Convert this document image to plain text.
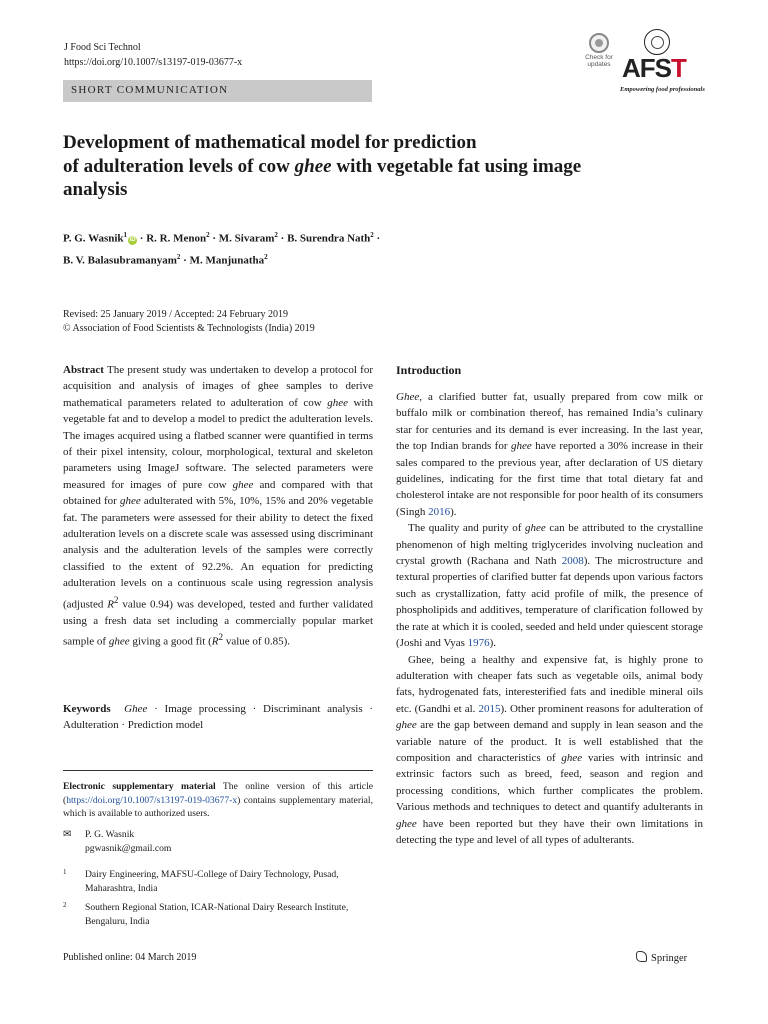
J Food Sci Technol
https://doi.org/10.1007/s13197-019-03677-x
SHORT COMMUNICATION
Check for updates AFST
Empowering food professionals
Development of mathematical model for prediction
of adulteration levels of cow ghee with vegetable fat using image
analysis
P. G. Wasnik$^1$iD · R. R. Menon$^2$ · M. Sivaram$^2$ · B. Surendra Nath$^2$ ·
B. V. Balasubramanyam$^2$ · M. Manjunatha$^2$
Revised: 25 January 2019 / Accepted: 24 February 2019
© Association of Food Scientists & Technologists (India) 2019
Abstract The present study was undertaken to develop a protocol for acquisition and analysis of images of ghee samples to derive mathematical parameters related to adulteration of cow ghee with vegetable fat and to develop a model to predict the adulteration levels. The images acquired using a flatbed scanner were quantified in terms of their pixel intensity, colour, morphological, textural and skeleton parameters using ImageJ software. The selected parameters were measured for images of pure cow ghee and compared with that obtained for ghee adulterated with 5%, 10%, 15% and 20% vegetable fat. The parameters were assessed for their ability to detect the fixed adulteration levels on a discrete scale was assessed using discriminant analysis and the adulteration levels of the samples were correctly classified to the extent of 92.2%. An equation for predicting adulteration levels on a continuous scale using regression analysis (adjusted $R^2$ value 0.94) was developed, tested and further validated using a fresh data set including a commercially popular market sample of ghee giving a good fit ($R^2$ value of 0.85).
Keywords Ghee · Image processing · Discriminant analysis · Adulteration · Prediction model
Electronic supplementary material The online version of this article (https://doi.org/10.1007/s13197-019-03677-x) contains supplementary material, which is available to authorized users.
✉ P. G. Wasnik
pgwasnik@gmail.com
1 Dairy Engineering, MAFSU-College of Dairy Technology, Pusad, Maharashtra, India
2 Southern Regional Station, ICAR-National Dairy Research Institute, Bengaluru, India
Introduction

Ghee, a clarified butter fat, usually prepared from cow milk or buffalo milk or combination thereof, has remained India’s culinary star for centuries and its demand is ever increasing. In the last year, the top Indian brands for ghee have reported a 30% increase in their sales compared to the previous year, after declaration of US dietary guidelines, indicating for the first time that total dietary fat and cholesterol intake are not responsible for poor health of its consumers (Singh 2016).

The quality and purity of ghee can be attributed to the crystalline phenomenon of high melting triglycerides involving nucleation and crystal growth (Rachana and Nath 2008). The microstructure and textural properties of clarified butter fat depends upon various factors such as crystallization, fatty acid profile of milk, the presence of phospholipids and additives, temperature of clarification followed by the rate at which it is cooled, seeded and held under quiescent storage (Joshi and Vyas 1976).

Ghee, being a healthy and expensive fat, is highly prone to adulteration with cheaper fats such as vegetable oils, animal body fats, hydrogenated fats, interesterified fats and inedible mineral oils etc. (Gandhi et al. 2015). Other prominent reasons for adulteration of ghee are the gap between demand and supply in lean season and the variable nature of the product. It is well established that the composition and characteristics of ghee varies with intrinsic and extrinsic factors such as breed, feed, season and region and processing conditions, which further complicates the problem. Various methods and techniques to detect and quantify adulterants in ghee have been reported but they have their own limitations in detecting the type and level of all types of adulterants.

Published online: 04 March 2019	Springer
